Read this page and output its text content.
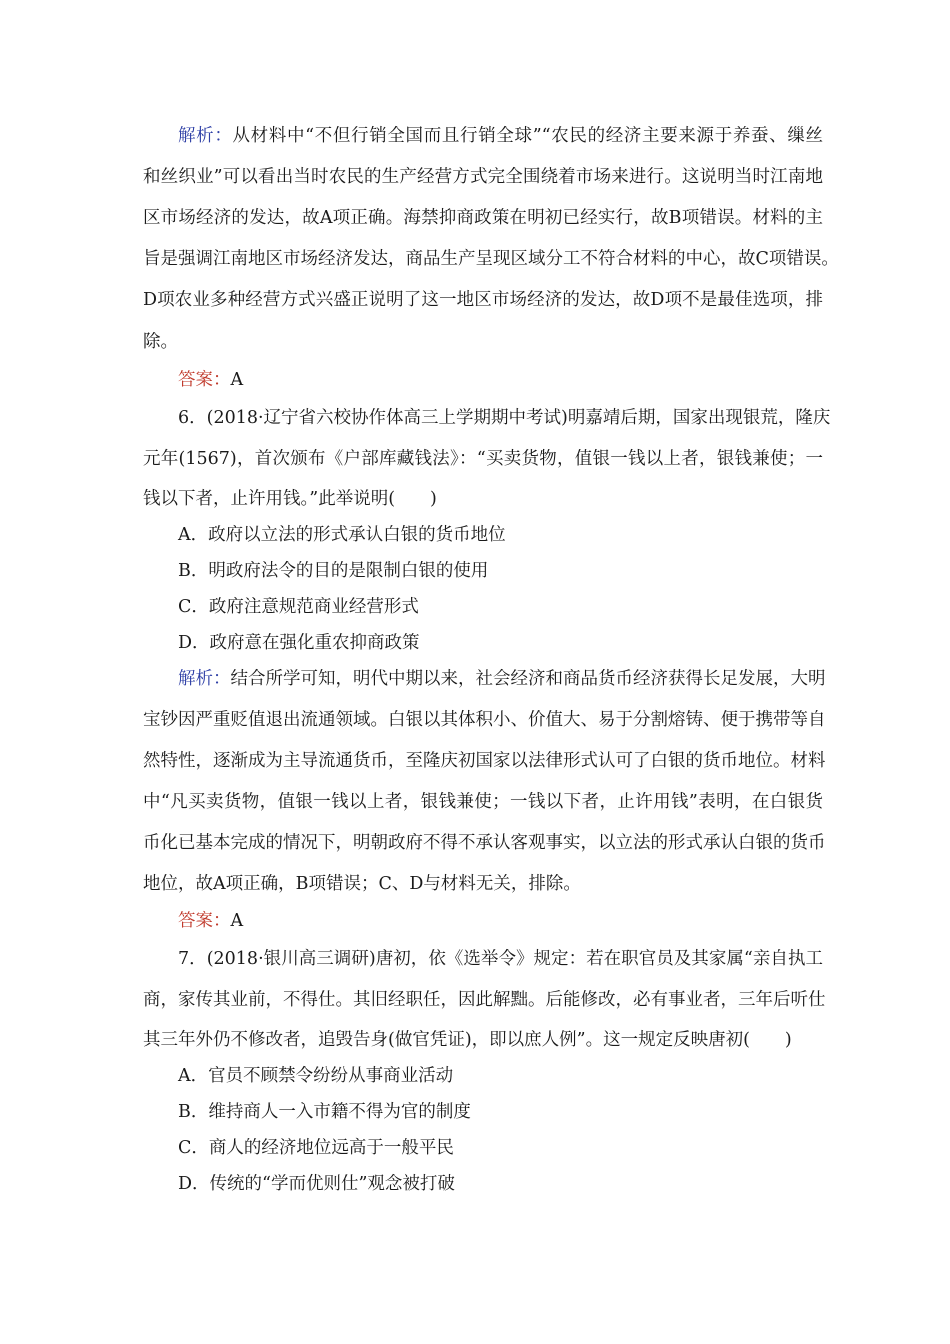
解析：从材料中“不但行销全国而且行销全球”“农民的经济主要来源于养蚕、缫丝
和丝织业”可以看出当时农民的生产经营方式完全围绕着市场来进行。这说明当时江南地
区市场经济的发达，故A项正确。海禁抑商政策在明初已经实行，故B项错误。材料的主
旨是强调江南地区市场经济发达，商品生产呈现区域分工不符合材料的中心，故C项错误。
D项农业多种经营方式兴盛正说明了这一地区市场经济的发达，故D项不是最佳选项，排
除。
答案：A
6．(2018·辽宁省六校协作体高三上学期期中考试)明嘉靖后期，国家出现银荒，隆庆
元年(1567)，首次颁布《户部库藏钱法》：“买卖货物，值银一钱以上者，银钱兼使；一
钱以下者，止许用钱。”此举说明(　　)
A．政府以立法的形式承认白银的货币地位
B．明政府法令的目的是限制白银的使用
C．政府注意规范商业经营形式
D．政府意在强化重农抑商政策
解析：结合所学可知，明代中期以来，社会经济和商品货币经济获得长足发展，大明
宝钞因严重贬值退出流通领域。白银以其体积小、价值大、易于分割熔铸、便于携带等自
然特性，逐渐成为主导流通货币，至隆庆初国家以法律形式认可了白银的货币地位。材料
中“凡买卖货物，值银一钱以上者，银钱兼使；一钱以下者，止许用钱”表明，在白银货
币化已基本完成的情况下，明朝政府不得不承认客观事实，以立法的形式承认白银的货币
地位，故A项正确，B项错误；C、D与材料无关，排除。
答案：A
7．(2018·银川高三调研)唐初，依《选举令》规定：若在职官员及其家属“亲自执工
商，家传其业前，不得仕。其旧经职任，因此解黜。后能修改，必有事业者，三年后听仕
其三年外仍不修改者，追毁告身(做官凭证)，即以庶人例”。这一规定反映唐初(　　)
A．官员不顾禁令纷纷从事商业活动
B．维持商人一入市籍不得为官的制度
C．商人的经济地位远高于一般平民
D．传统的“学而优则仕”观念被打破
